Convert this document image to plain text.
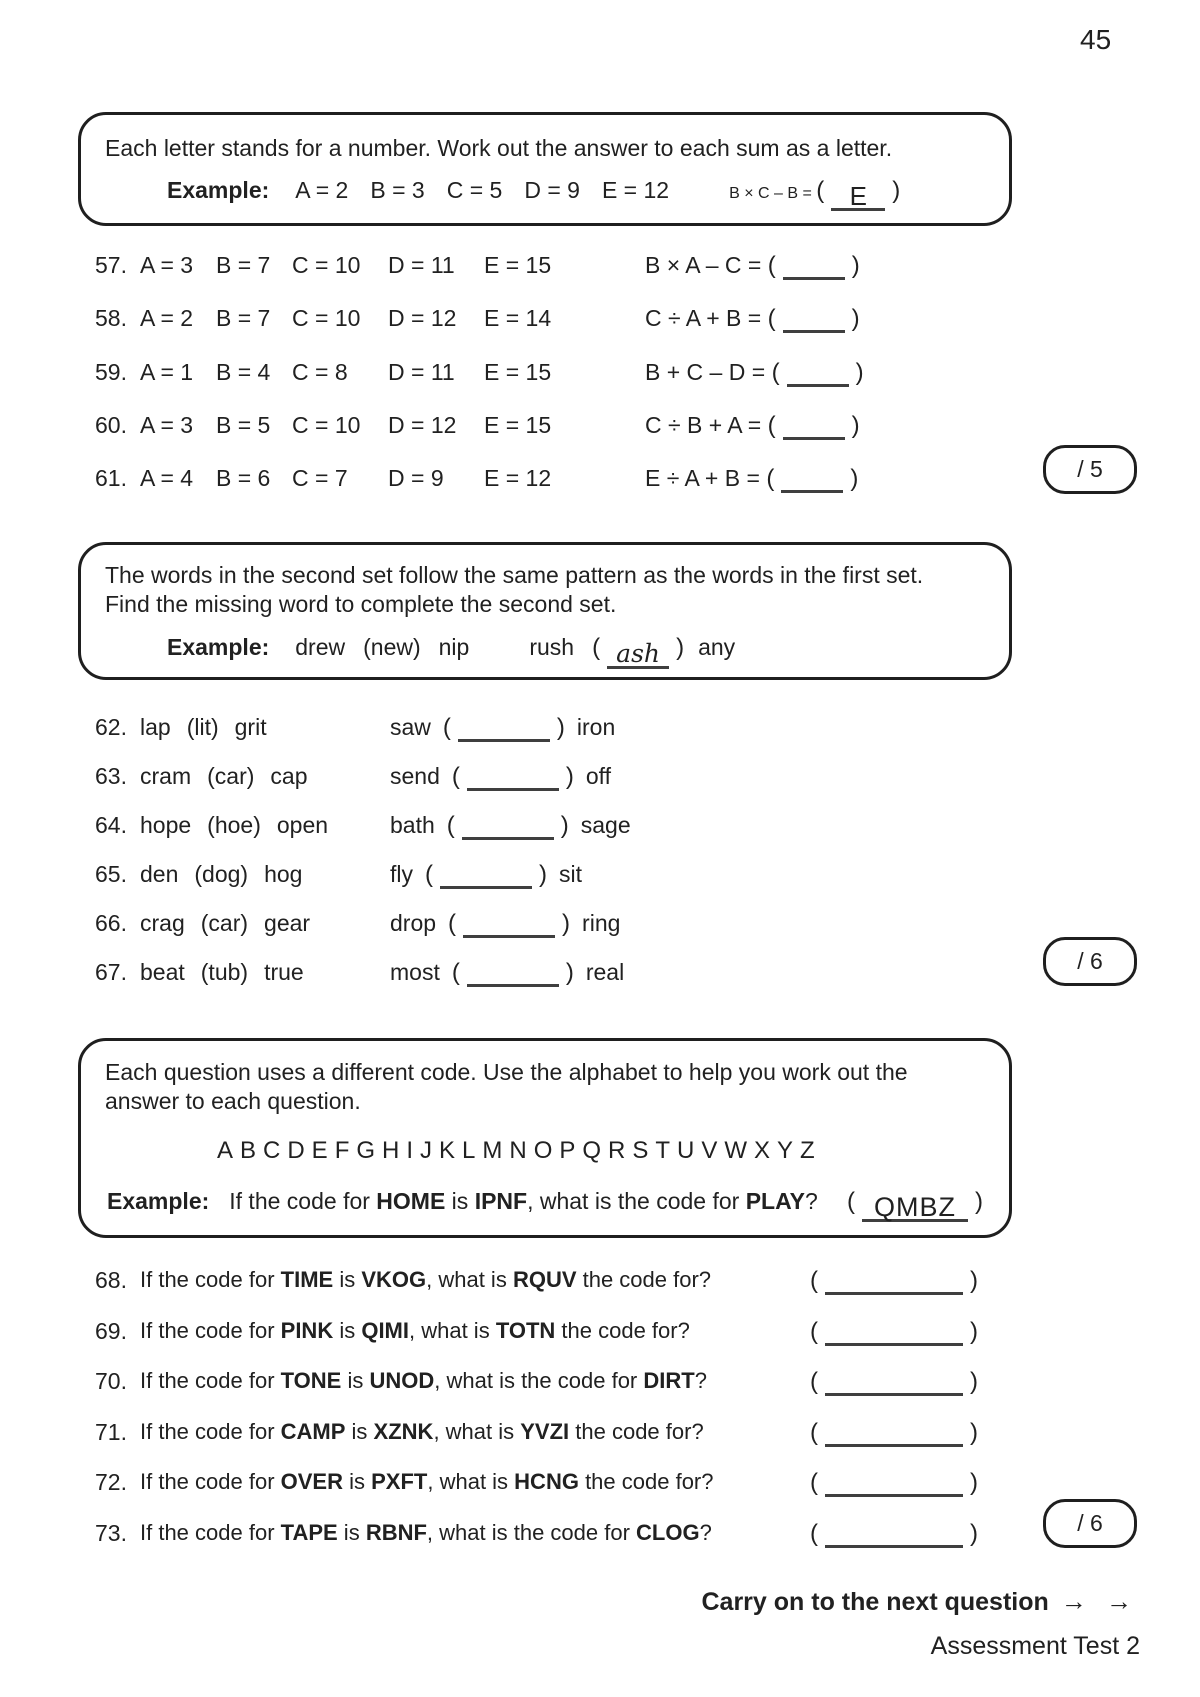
45

Each letter stands for a number. Work out the answer to each sum as a letter.

Example: A = 2 B = 3 C = 5 D = 9 E = 12	B × C – B = ( E )
57. A = 3 B = 7 C = 10 D = 11 E = 15	B × A – C = (	)
58. A = 2 B = 7 C = 10 D = 12 E = 14	C ÷ A + B = (	)
59. A = 1 B = 4 C = 8 D = 11 E = 15	B + C – D = (	)
60. A = 3 B = 5 C = 10 D = 12 E = 15	C ÷ B + A = (	)
61. A = 4 B = 6 C = 7 D = 9 E = 12	E ÷ A + B = (	)	/ 5

The words in the second set follow the same pattern as the words in the first set.

Find the missing word to complete the second set.

Example: drew (new) nip	rush ( ash ) any
62. lap (lit) grit	saw (	) iron
63. cram (car) cap	send (	) off
64. hope (hoe) open	bath (	) sage
65. den (dog) hog	fly (	) sit
66. crag (car) gear	drop (	) ring
67. beat (tub) true	most (	) real	/ 6

Each question uses a different code. Use the alphabet to help you work out the

answer to each question.

ABCDEFGHIJKLMNOPQRSTUVWXYZ
Example: If the code for HOME is IPNF, what is the code for PLAY? ( QMBZ )
68. If the code for TIME is VKOG, what is RQUV the code for?	(	)
69. If the code for PINK is QIMI, what is TOTN the code for?	(	)
70. If the code for TONE is UNOD, what is the code for DIRT?	(	)
71. If the code for CAMP is XZNK, what is YVZI the code for?	(	)
72. If the code for OVER is PXFT, what is HCNG the code for?	(	)
73. If the code for TAPE is RBNF, what is the code for CLOG?	(	)	/ 6
Carry on to the next question → →
Assessment Test 2
